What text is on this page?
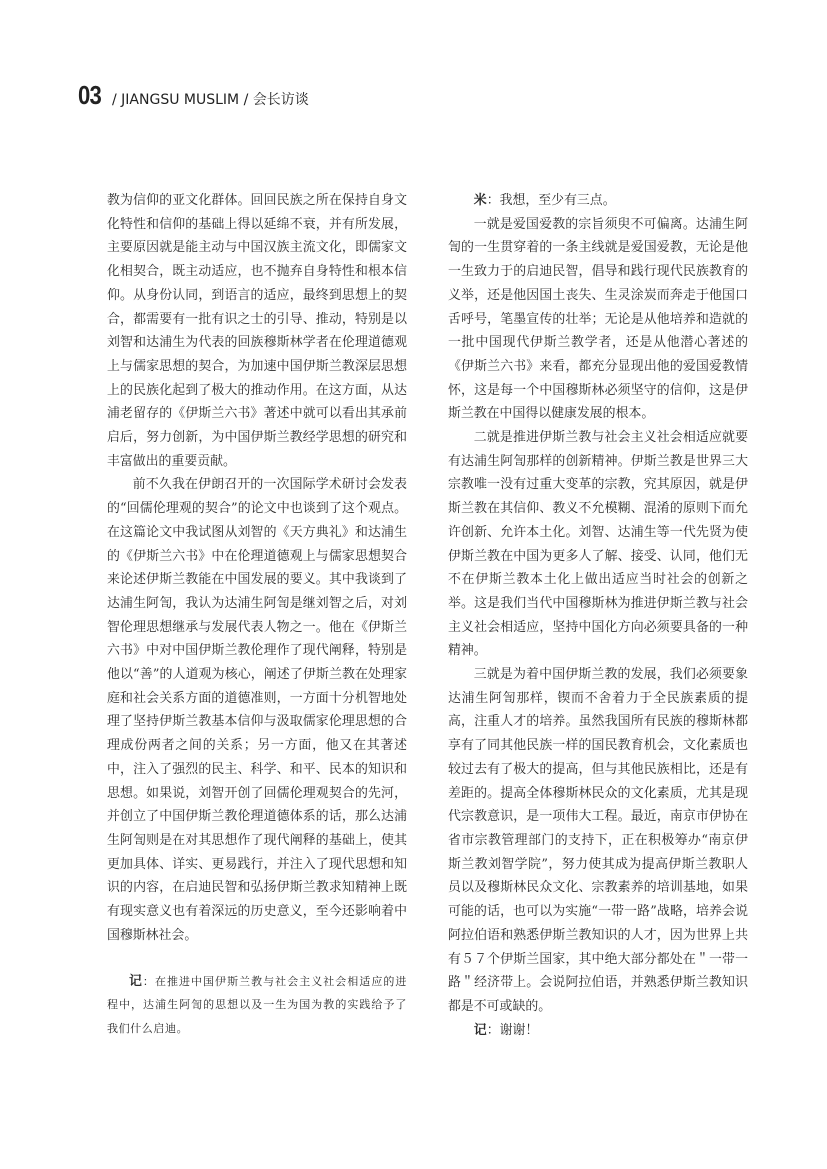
03 / JIANGSU MUSLIM / 会长访谈

教为信仰的亚文化群体。回回民族之所在保持自身文化特性和信仰的基础上得以延绵不衰，并有所发展，主要原因就是能主动与中国汉族主流文化，即儒家文化相契合，既主动适应，也不抛弃自身特性和根本信仰。从身份认同，到语言的适应，最终到思想上的契合，都需要有一批有识之士的引导、推动，特别是以刘智和达浦生为代表的回族穆斯林学者在伦理道德观上与儒家思想的契合，为加速中国伊斯兰教深层思想上的民族化起到了极大的推动作用。在这方面，从达浦老留存的《伊斯兰六书》著述中就可以看出其承前启后，努力创新，为中国伊斯兰教经学思想的研究和丰富做出的重要贡献。

前不久我在伊朗召开的一次国际学术研讨会发表的“回儒伦理观的契合”的论文中也谈到了这个观点。在这篇论文中我试图从刘智的《天方典礼》和达浦生的《伊斯兰六书》中在伦理道德观上与儒家思想契合来论述伊斯兰教能在中国发展的要义。其中我谈到了达浦生阿訇，我认为达浦生阿訇是继刘智之后，对刘智伦理思想继承与发展代表人物之一。他在《伊斯兰六书》中对中国伊斯兰教伦理作了现代阐释，特别是他以“善”的人道观为核心，阐述了伊斯兰教在处理家庭和社会关系方面的道德准则，一方面十分机智地处理了坚持伊斯兰教基本信仰与汲取儒家伦理思想的合理成份两者之间的关系；另一方面，他又在其著述中，注入了强烈的民主、科学、和平、民本的知识和思想。如果说，刘智开创了回儒伦理观契合的先河，并创立了中国伊斯兰教伦理道德体系的话，那么达浦生阿訇则是在对其思想作了现代阐释的基础上，使其更加具体、详实、更易践行，并注入了现代思想和知识的内容，在启迪民智和弘扬伊斯兰教求知精神上既有现实意义也有着深远的历史意义，至今还影响着中国穆斯林社会。

记：在推进中国伊斯兰教与社会主义社会相适应的进程中，达浦生阿訇的思想以及一生为国为教的实践给予了我们什么启迪。

米：我想，至少有三点。

一就是爱国爱教的宗旨须臾不可偏离。达浦生阿訇的一生贯穿着的一条主线就是爱国爱教，无论是他一生致力于的启迪民智，倡导和践行现代民族教育的义举，还是他因国土丧失、生灵涂炭而奔走于他国口舌呼号，笔墨宣传的壮举；无论是从他培养和造就的一批中国现代伊斯兰教学者，还是从他潜心著述的《伊斯兰六书》来看，都充分显现出他的爱国爱教情怀，这是每一个中国穆斯林必须坚守的信仰，这是伊斯兰教在中国得以健康发展的根本。

二就是推进伊斯兰教与社会主义社会相适应就要有达浦生阿訇那样的创新精神。伊斯兰教是世界三大宗教唯一没有过重大变革的宗教，究其原因，就是伊斯兰教在其信仰、教义不允模糊、混淆的原则下而允许创新、允许本土化。刘智、达浦生等一代先贤为使伊斯兰教在中国为更多人了解、接受、认同，他们无不在伊斯兰教本土化上做出适应当时社会的创新之举。这是我们当代中国穆斯林为推进伊斯兰教与社会主义社会相适应，坚持中国化方向必须要具备的一种精神。

三就是为着中国伊斯兰教的发展，我们必须要象达浦生阿訇那样，锲而不舍着力于全民族素质的提高，注重人才的培养。虽然我国所有民族的穆斯林都享有了同其他民族一样的国民教育机会，文化素质也较过去有了极大的提高，但与其他民族相比，还是有差距的。提高全体穆斯林民众的文化素质，尤其是现代宗教意识，是一项伟大工程。最近，南京市伊协在省市宗教管理部门的支持下，正在积极筹办“南京伊斯兰教刘智学院”，努力使其成为提高伊斯兰教职人员以及穆斯林民众文化、宗教素养的培训基地，如果可能的话，也可以为实施“一带一路”战略，培养会说阿拉伯语和熟悉伊斯兰教知识的人才，因为世界上共有５７个伊斯兰国家，其中绝大部分都处在＂一带一路＂经济带上。会说阿拉伯语，并熟悉伊斯兰教知识都是不可或缺的。

记：谢谢！
